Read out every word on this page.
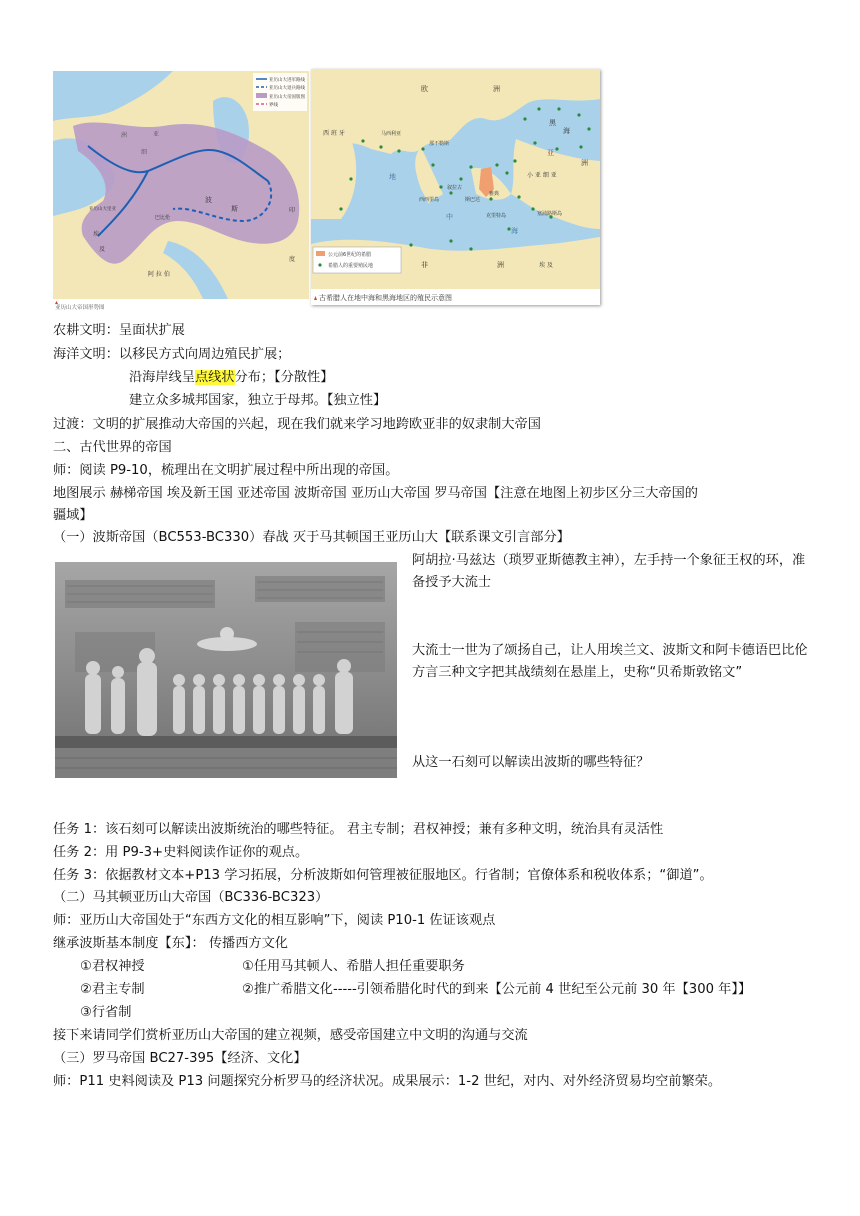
亚历山大进军路线
亚历山大退兵路线
亚历山大帝国版图
界线
洲	亚
细
波
斯
巴比伦
亚历山大里亚
埃
及
阿 拉 伯
印
度
亚历山大帝国形势图
欧	洲
黑
海
西 班 牙	马西利亚
那不勒斯
叙拉古
西西里岛
雅典
斯巴达
克里特岛
小 亚 细 亚
亚
洲
塞浦路斯岛
地
中
海
非	洲	埃 及
公元前6世纪的希腊
希腊人的重要殖民地
古希腊人在地中海和黑海地区的殖民示意图
农耕文明：呈面状扩展
海洋文明：以移民方式向周边殖民扩展；
沿海岸线呈点线状分布；【分散性】
建立众多城邦国家，独立于母邦。【独立性】
过渡：文明的扩展推动大帝国的兴起，现在我们就来学习地跨欧亚非的奴隶制大帝国
二、古代世界的帝国
师：阅读 P9-10，梳理出在文明扩展过程中所出现的帝国。
地图展示 赫梯帝国 埃及新王国 亚述帝国 波斯帝国 亚历山大帝国 罗马帝国【注意在地图上初步区分三大帝国的
疆域】
（一）波斯帝国（BC553-BC330）春战 灭于马其顿国王亚历山大【联系课文引言部分】
阿胡拉·马兹达（琐罗亚斯德教主神），左手持一个象征王权的环，准备授予大流士
大流士一世为了颂扬自己，让人用埃兰文、波斯文和阿卡德语巴比伦方言三种文字把其战绩刻在悬崖上，史称“贝希斯敦铭文”
从这一石刻可以解读出波斯的哪些特征？
任务 1：该石刻可以解读出波斯统治的哪些特征。 君主专制；君权神授；兼有多种文明，统治具有灵活性
任务 2：用 P9-3+史料阅读作证你的观点。
任务 3：依据教材文本+P13 学习拓展，分析波斯如何管理被征服地区。行省制；官僚体系和税收体系；“御道”。
（二）马其顿亚历山大帝国（BC336-BC323）
师：亚历山大帝国处于“东西方文化的相互影响”下，阅读 P10-1 佐证该观点
继承波斯基本制度【东】： 传播西方文化
①君权神授	①任用马其顿人、希腊人担任重要职务
②君主专制	②推广希腊文化-----引领希腊化时代的到来【公元前 4 世纪至公元前 30 年【300 年】】
③行省制
接下来请同学们赏析亚历山大帝国的建立视频，感受帝国建立中文明的沟通与交流
（三）罗马帝国 BC27-395【经济、文化】
师：P11 史料阅读及 P13 问题探究分析罗马的经济状况。成果展示：1-2 世纪，对内、对外经济贸易均空前繁荣。
